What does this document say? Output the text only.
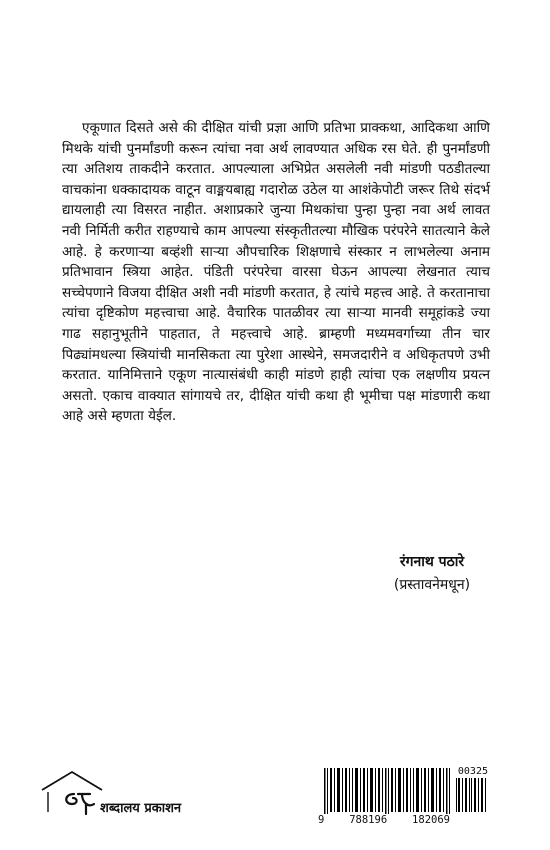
एकूणात दिसते असे की दीक्षित यांची प्रज्ञा आणि प्रतिभा प्राक्कथा, आदिकथा आणि मिथके यांची पुनर्मांडणी करून त्यांचा नवा अर्थ लावण्यात अधिक रस घेते. ही पुनर्मांडणी त्या अतिशय ताकदीने करतात. आपल्याला अभिप्रेत असलेली नवी मांडणी पठडीतल्या वाचकांना धक्कादायक वाटून वाङ्मयबाह्य गदारोळ उठेल या आशंकेपोटी जरूर तिथे संदर्भ द्यायलाही त्या विसरत नाहीत. अशाप्रकारे जुन्या मिथकांचा पुन्हा पुन्हा नवा अर्थ लावत नवी निर्मिती करीत राहण्याचे काम आपल्या संस्कृतीतल्या मौखिक परंपरेने सातत्याने केले आहे. हे करणाऱ्या बव्हंशी साऱ्या औपचारिक शिक्षणाचे संस्कार न लाभलेल्या अनाम प्रतिभावान स्त्रिया आहेत. पंडिती परंपरेचा वारसा घेऊन आपल्या लेखनात त्याच सच्चेपणाने विजया दीक्षित अशी नवी मांडणी करतात, हे त्यांचे महत्त्व आहे. ते करतानाचा त्यांचा दृष्टिकोण महत्त्वाचा आहे. वैचारिक पातळीवर त्या साऱ्या मानवी समूहांकडे ज्या गाढ सहानुभूतीने पाहतात, ते महत्त्वाचे आहे. ब्राम्हणी मध्यमवर्गाच्या तीन चार पिढ्यांमधल्या स्त्रियांची मानसिकता त्या पुरेशा आस्थेने, समजदारीने व अधिकृतपणे उभी करतात. यानिमित्ताने एकूण नात्यासंबंधी काही मांडणे हाही त्यांचा एक लक्षणीय प्रयत्न असतो. एकाच वाक्यात सांगायचे तर, दीक्षित यांची कथा ही भूमीचा पक्ष मांडणारी कथा आहे असे म्हणता येईल.

रंगनाथ पठारे

(प्रस्तावनेमधून)

शब्दालय प्रकाशन
00325
9 788196 182069
